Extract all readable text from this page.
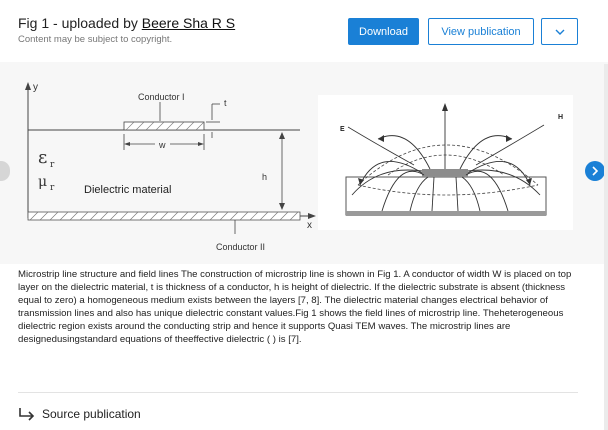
Fig 1 - uploaded by Beere Sha R S
Content may be subject to copyright.
Download	View publication
y
x
Conductor I
w
t
h
ε r
μ r	Dielectric material
Conductor II
E
H
Microstrip line structure and field lines The construction of microstrip line is shown in Fig 1. A conductor of width W is placed on top layer on the dielectric material, t is thickness of a conductor, h is height of dielectric. If the dielectric substrate is absent (thickness equal to zero) a homogeneous medium exists between the layers [7, 8]. The dielectric material changes electrical behavior of transmission lines and also has unique dielectric constant values.Fig 1 shows the field lines of microstrip line. Theheterogeneous dielectric region exists around the conducting strip and hence it supports Quasi TEM waves. The microstrip lines are designedusingstandard equations of theeffective dielectric ( ) is [7].
Source publication
